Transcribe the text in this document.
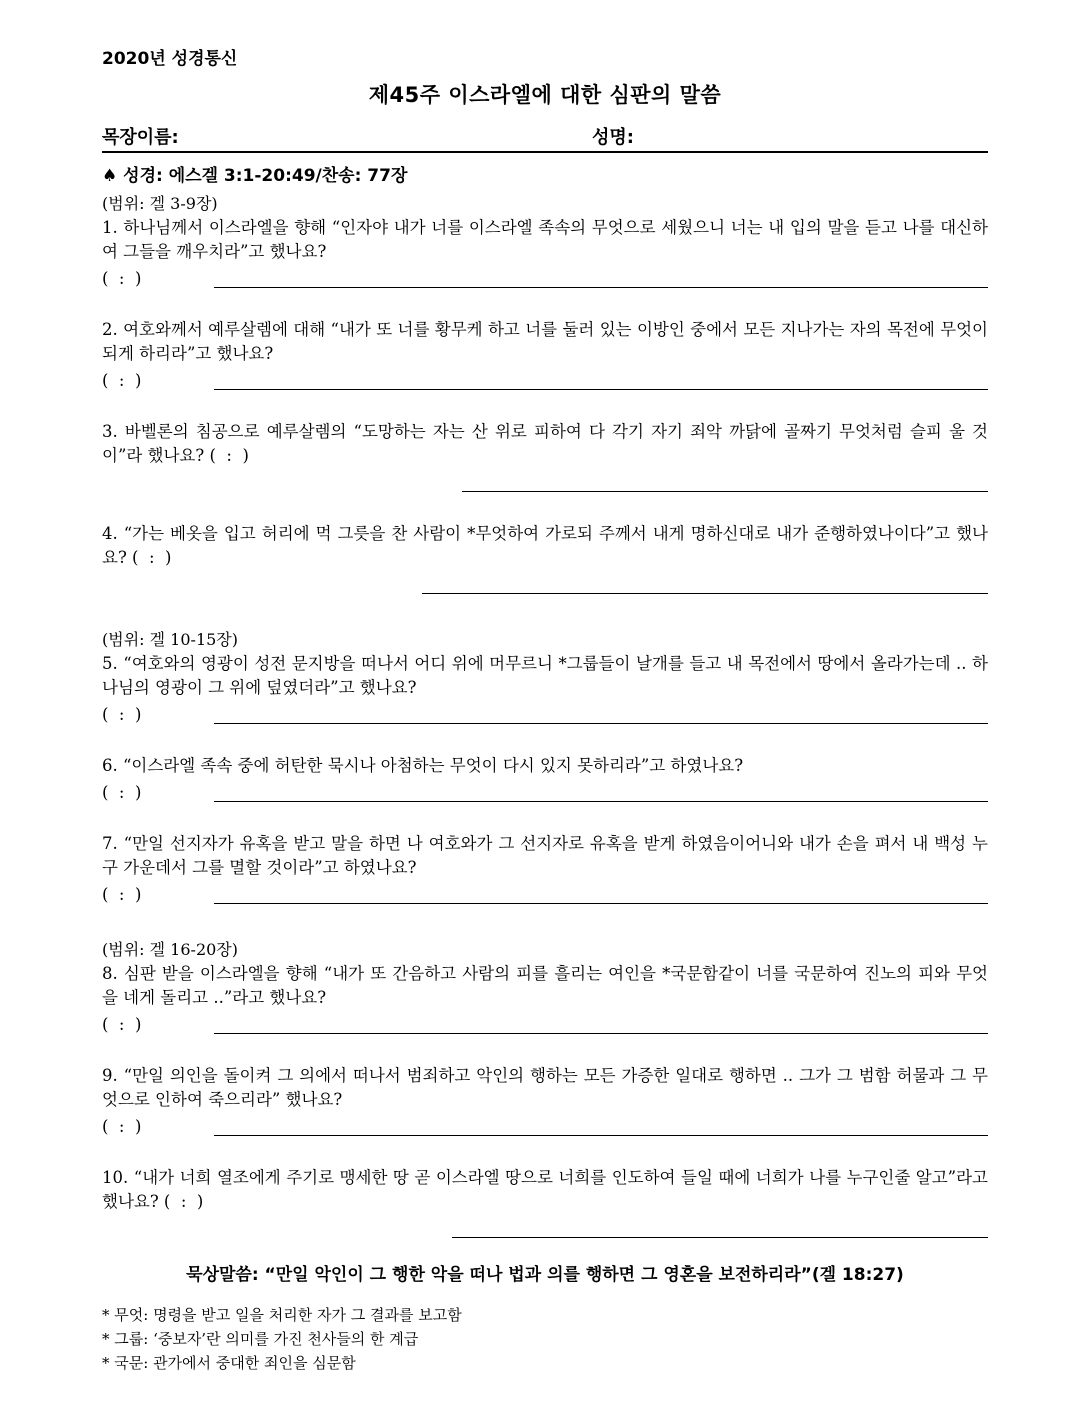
2020년 성경통신

제45주 이스라엘에 대한 심판의 말씀

목장이름:	성명:
♠ 성경: 에스겔 3:1-20:49/찬송: 77장
(범위: 겔 3-9장)
1. 하나님께서 이스라엘을 향해 “인자야 내가 너를 이스라엘 족속의 무엇으로 세웠으니 너는 내 입의 말을 듣고 나를 대신하여 그들을 깨우치라”고 했나요?
(  :  )
2. 여호와께서 예루살렘에 대해 “내가 또 너를 황무케 하고 너를 둘러 있는 이방인 중에서 모든 지나가는 자의 목전에 무엇이 되게 하리라”고 했나요?
(  :  )
3. 바벨론의 침공으로 예루살렘의 “도망하는 자는 산 위로 피하여 다 각기 자기 죄악 까닭에 골짜기 무엇처럼 슬피 울 것이”라 했나요? (  :  )
4. “가는 베옷을 입고 허리에 먹 그릇을 찬 사람이 *무엇하여 가로되 주께서 내게 명하신대로 내가 준행하였나이다”고 했나요? (  :  )
(범위: 겔 10-15장)
5. “여호와의 영광이 성전 문지방을 떠나서 어디 위에 머무르니 *그룹들이 날개를 들고 내 목전에서 땅에서 올라가는데 .. 하나님의 영광이 그 위에 덮였더라”고 했나요?
(  :  )
6. “이스라엘 족속 중에 허탄한 묵시나 아첨하는 무엇이 다시 있지 못하리라”고 하였나요?
(  :  )
7. “만일 선지자가 유혹을 받고 말을 하면 나 여호와가 그 선지자로 유혹을 받게 하였음이어니와 내가 손을 펴서 내 백성 누구 가운데서 그를 멸할 것이라”고 하였나요?
(  :  )
(범위: 겔 16-20장)
8. 심판 받을 이스라엘을 향해 “내가 또 간음하고 사람의 피를 흘리는 여인을 *국문함같이 너를 국문하여 진노의 피와 무엇을 네게 돌리고 ..”라고 했나요?
(  :  )
9. “만일 의인을 돌이켜 그 의에서 떠나서 범죄하고 악인의 행하는 모든 가증한 일대로 행하면 .. 그가 그 범함 허물과 그 무엇으로 인하여 죽으리라” 했나요?
(  :  )
10. “내가 너희 열조에게 주기로 맹세한 땅 곧 이스라엘 땅으로 너희를 인도하여 들일 때에 너희가 나를 누구인줄 알고”라고 했나요? (  :  )
묵상말씀: “만일 악인이 그 행한 악을 떠나 법과 의를 행하면 그 영혼을 보전하리라”(겔 18:27)
* 무엇: 명령을 받고 일을 처리한 자가 그 결과를 보고함
* 그룹: ‘중보자’란 의미를 가진 천사들의 한 계급
* 국문: 관가에서 중대한 죄인을 심문함
